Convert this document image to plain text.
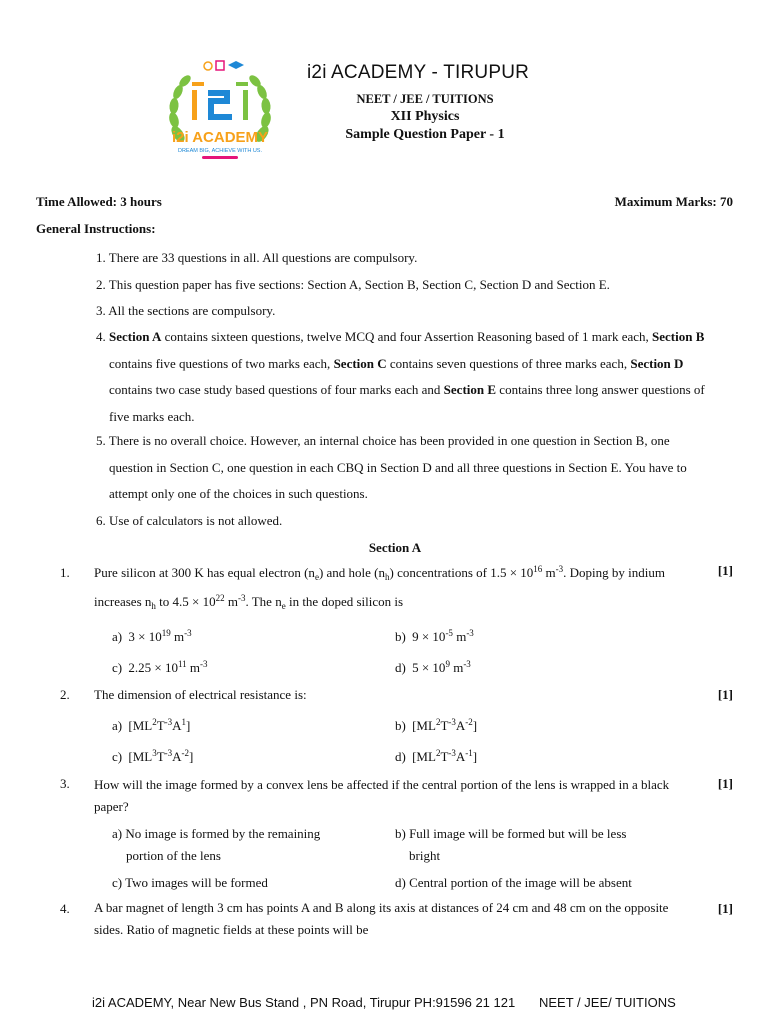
i2i ACADEMY
DREAM BIG, ACHIEVE WITH US.
i2i ACADEMY - TIRUPUR
NEET / JEE / TUITIONS
XII Physics
Sample Question Paper - 1
Time Allowed: 3 hours	Maximum Marks: 70
General Instructions:
1. There are 33 questions in all. All questions are compulsory.
2. This question paper has five sections: Section A, Section B, Section C, Section D and Section E.
3. All the sections are compulsory.
4. Section A contains sixteen questions, twelve MCQ and four Assertion Reasoning based of 1 mark each, Section B
contains five questions of two marks each, Section C contains seven questions of three marks each, Section D
contains two case study based questions of four marks each and Section E contains three long answer questions of
five marks each.
5. There is no overall choice. However, an internal choice has been provided in one question in Section B, one
question in Section C, one question in each CBQ in Section D and all three questions in Section E. You have to
attempt only one of the choices in such questions.
6. Use of calculators is not allowed.
Section A
1. Pure silicon at 300 K has equal electron $(n_e)$ and hole $(n_h)$ concentrations of $1.5 \times 10^{16}$ $m^{-3}$. Doping by indium increases $n_h$ to $4.5 \times 10^{22}$ $m^{-3}$. The $n_e$ in the doped silicon is
[1]
a) $3 \times 10^{19}$ $m^{-3}$	b) $9 \times 10^{-5}$ $m^{-3}$
c) $2.25 \times 10^{11}$ $m^{-3}$	d) $5 \times 10^9$ $m^{-3}$
2. The dimension of electrical resistance is:	[1]
a) $[ML^2T^{-3}A^1]$	b) $[ML^2T^{-3}A^{-2}]$
c) $[ML^3T^{-3}A^{-2}]$	d) $[ML^2T^{-3}A^{-1}]$
3. How will the image formed by a convex lens be affected if the central portion of the lens is wrapped in a black paper?
[1]
a) No image is formed by the remaining
portion of the lens
b) Full image will be formed but will be less
bright
c) Two images will be formed	d) Central portion of the image will be absent
4. A bar magnet of length 3 cm has points A and B along its axis at distances of 24 cm and 48 cm on the opposite sides. Ratio of magnetic fields at these points will be
[1]
i2i ACADEMY, Near New Bus Stand , PN Road, Tirupur PH:91596 21 121 NEET / JEE/ TUITIONS
